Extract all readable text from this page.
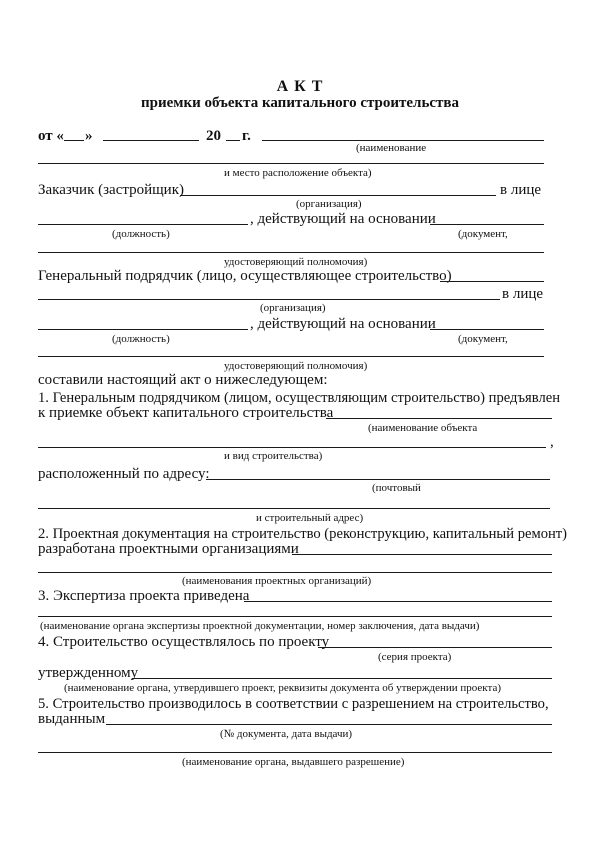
А К Т
приемки объекта капитального строительства
от « »	20 г.
(наименование
и место расположение объекта)
Заказчик (застройщик)	в лице
(организация)
, действующий на основании
(должность)	(документ,
удостоверяющий полномочия)
Генеральный подрядчик (лицо, осуществляющее строительство)
в лице
(организация)
, действующий на основании
(должность)	(документ,
удостоверяющий полномочия)
составили настоящий акт о нижеследующем:
1. Генеральным подрядчиком (лицом, осуществляющим строительство) предъявлен
к приемке объект капитального строительства
(наименование объекта
,
и вид строительства)
расположенный по адресу:
(почтовый
и строительный адрес)
2. Проектная документация на строительство (реконструкцию, капитальный ремонт)
разработана проектными организациями
(наименования проектных организаций)
3. Экспертиза проекта приведена
(наименование органа экспертизы проектной документации, номер заключения, дата выдачи)
4. Строительство осуществлялось по проекту
(серия проекта)
утвержденному
(наименование органа, утвердившего проект, реквизиты документа об утверждении проекта)
5. Строительство производилось в соответствии с разрешением на строительство,
выданным
(№ документа, дата выдачи)
(наименование органа, выдавшего разрешение)
